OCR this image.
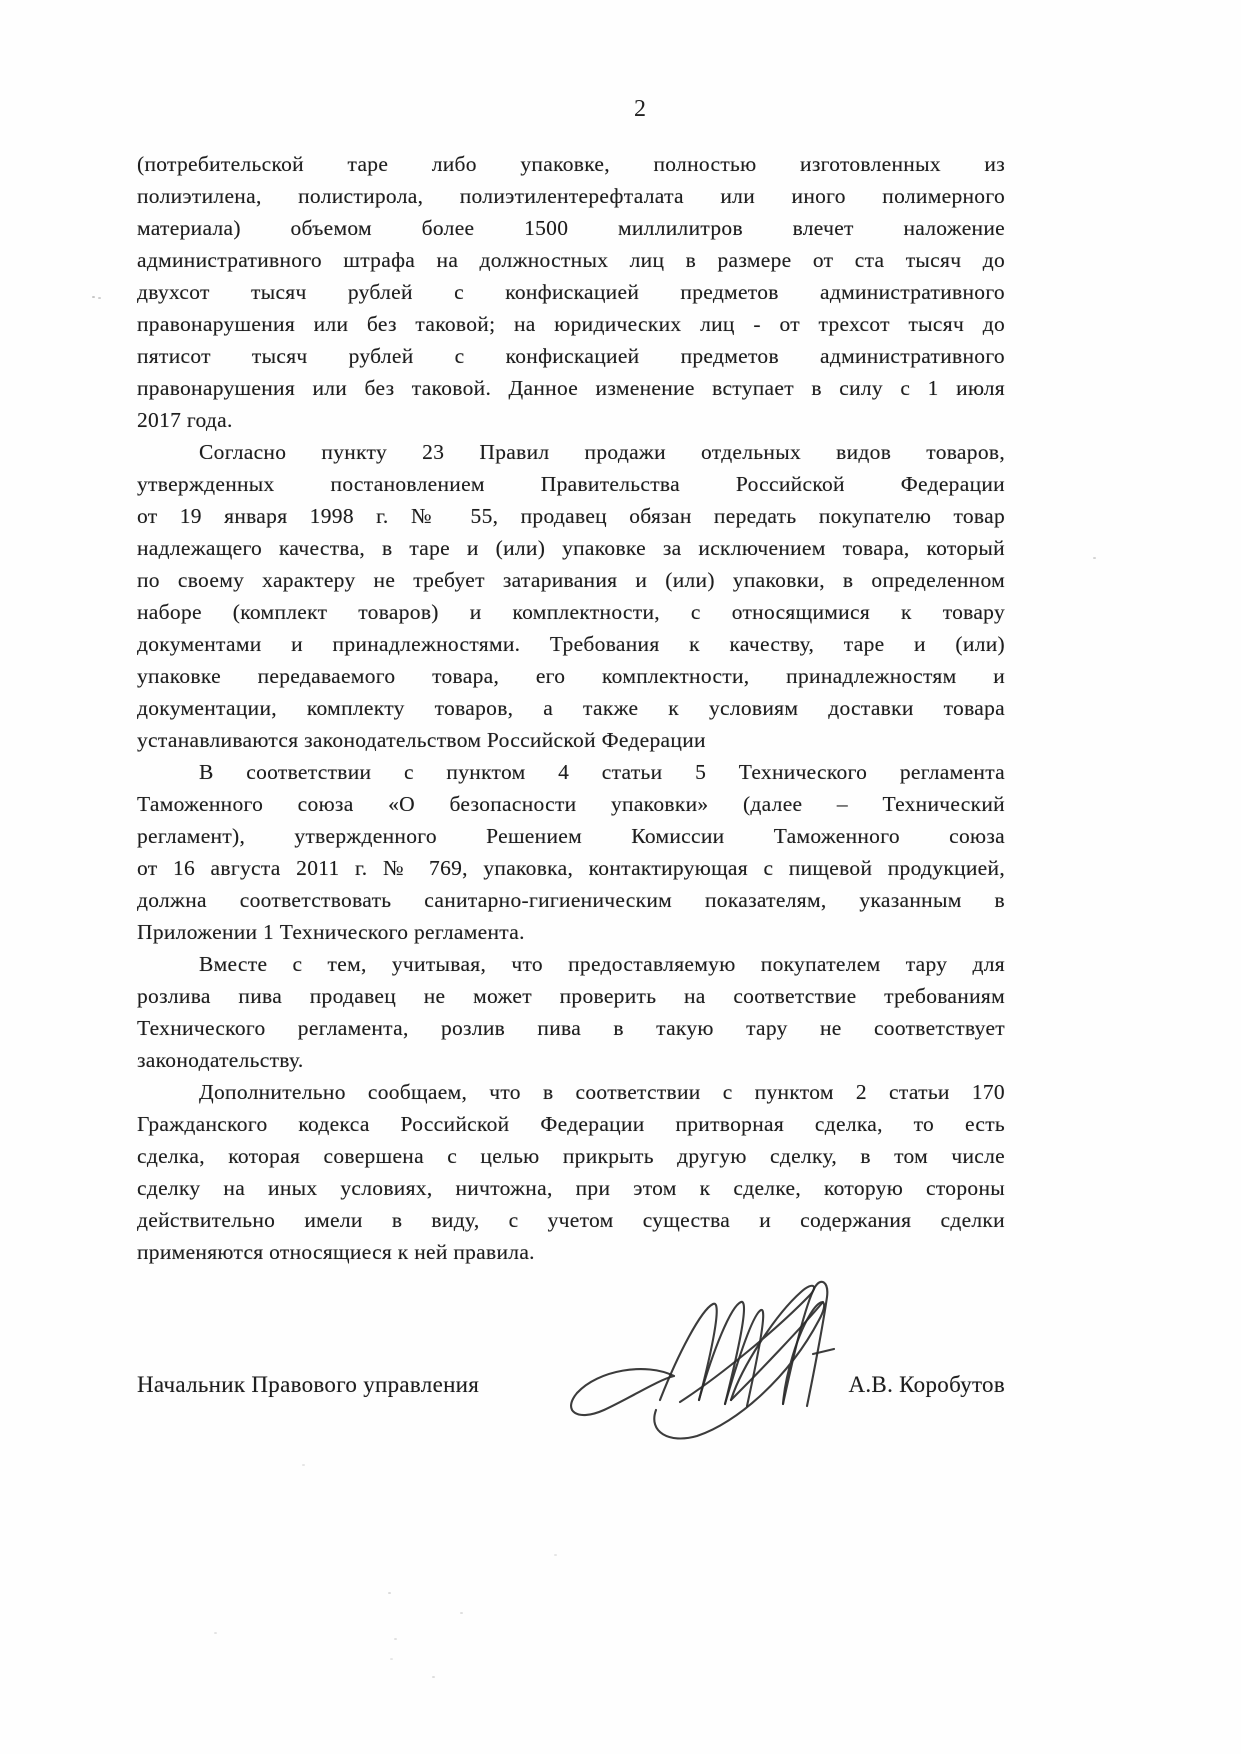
2
(потребительской таре либо упаковке, полностью изготовленных из
полиэтилена, полистирола, полиэтилентерефталата или иного полимерного
материала) объемом более 1500 миллилитров влечет наложение
административного штрафа на должностных лиц в размере от ста тысяч до
двухсот тысяч рублей с конфискацией предметов административного
правонарушения или без таковой; на юридических лиц - от трехсот тысяч до
пятисот тысяч рублей с конфискацией предметов административного
правонарушения или без таковой. Данное изменение вступает в силу с 1 июля
2017 года.
Согласно пункту 23 Правил продажи отдельных видов товаров,
утвержденных постановлением Правительства Российской Федерации
от 19 января 1998 г. № 55, продавец обязан передать покупателю товар
надлежащего качества, в таре и (или) упаковке за исключением товара, который
по своему характеру не требует затаривания и (или) упаковки, в определенном
наборе (комплект товаров) и комплектности, с относящимися к товару
документами и принадлежностями. Требования к качеству, таре и (или)
упаковке передаваемого товара, его комплектности, принадлежностям и
документации, комплекту товаров, а также к условиям доставки товара
устанавливаются законодательством Российской Федерации
В соответствии с пунктом 4 статьи 5 Технического регламента
Таможенного союза «О безопасности упаковки» (далее – Технический
регламент), утвержденного Решением Комиссии Таможенного союза
от 16 августа 2011 г. № 769, упаковка, контактирующая с пищевой продукцией,
должна соответствовать санитарно-гигиеническим показателям, указанным в
Приложении 1 Технического регламента.
Вместе с тем, учитывая, что предоставляемую покупателем тару для
розлива пива продавец не может проверить на соответствие требованиям
Технического регламента, розлив пива в такую тару не соответствует
законодательству.
Дополнительно сообщаем, что в соответствии с пунктом 2 статьи 170
Гражданского кодекса Российской Федерации притворная сделка, то есть
сделка, которая совершена с целью прикрыть другую сделку, в том числе
сделку на иных условиях, ничтожна, при этом к сделке, которую стороны
действительно имели в виду, с учетом существа и содержания сделки
применяются относящиеся к ней правила.
Начальник Правового управления	А.В. Коробутов
